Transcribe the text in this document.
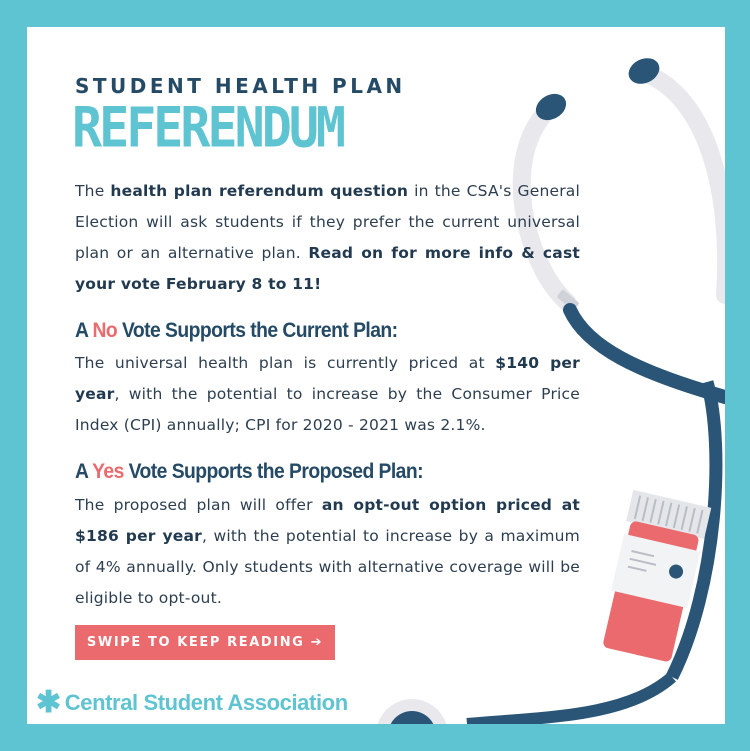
STUDENT HEALTH PLAN

REFERENDUM

The health plan referendum question in the CSA's General Election will ask students if they prefer the current universal plan or an alternative plan. Read on for more info & cast your vote February 8 to 11!

A No Vote Supports the Current Plan:

The universal health plan is currently priced at $140 per year, with the potential to increase by the Consumer Price Index (CPI) annually; CPI for 2020 - 2021 was 2.1%.

A Yes Vote Supports the Proposed Plan:

The proposed plan will offer an opt-out option priced at $186 per year, with the potential to increase by a maximum of 4% annually. Only students with alternative coverage will be eligible to opt-out.

SWIPE TO KEEP READING ➔
✱ Central Student Association
